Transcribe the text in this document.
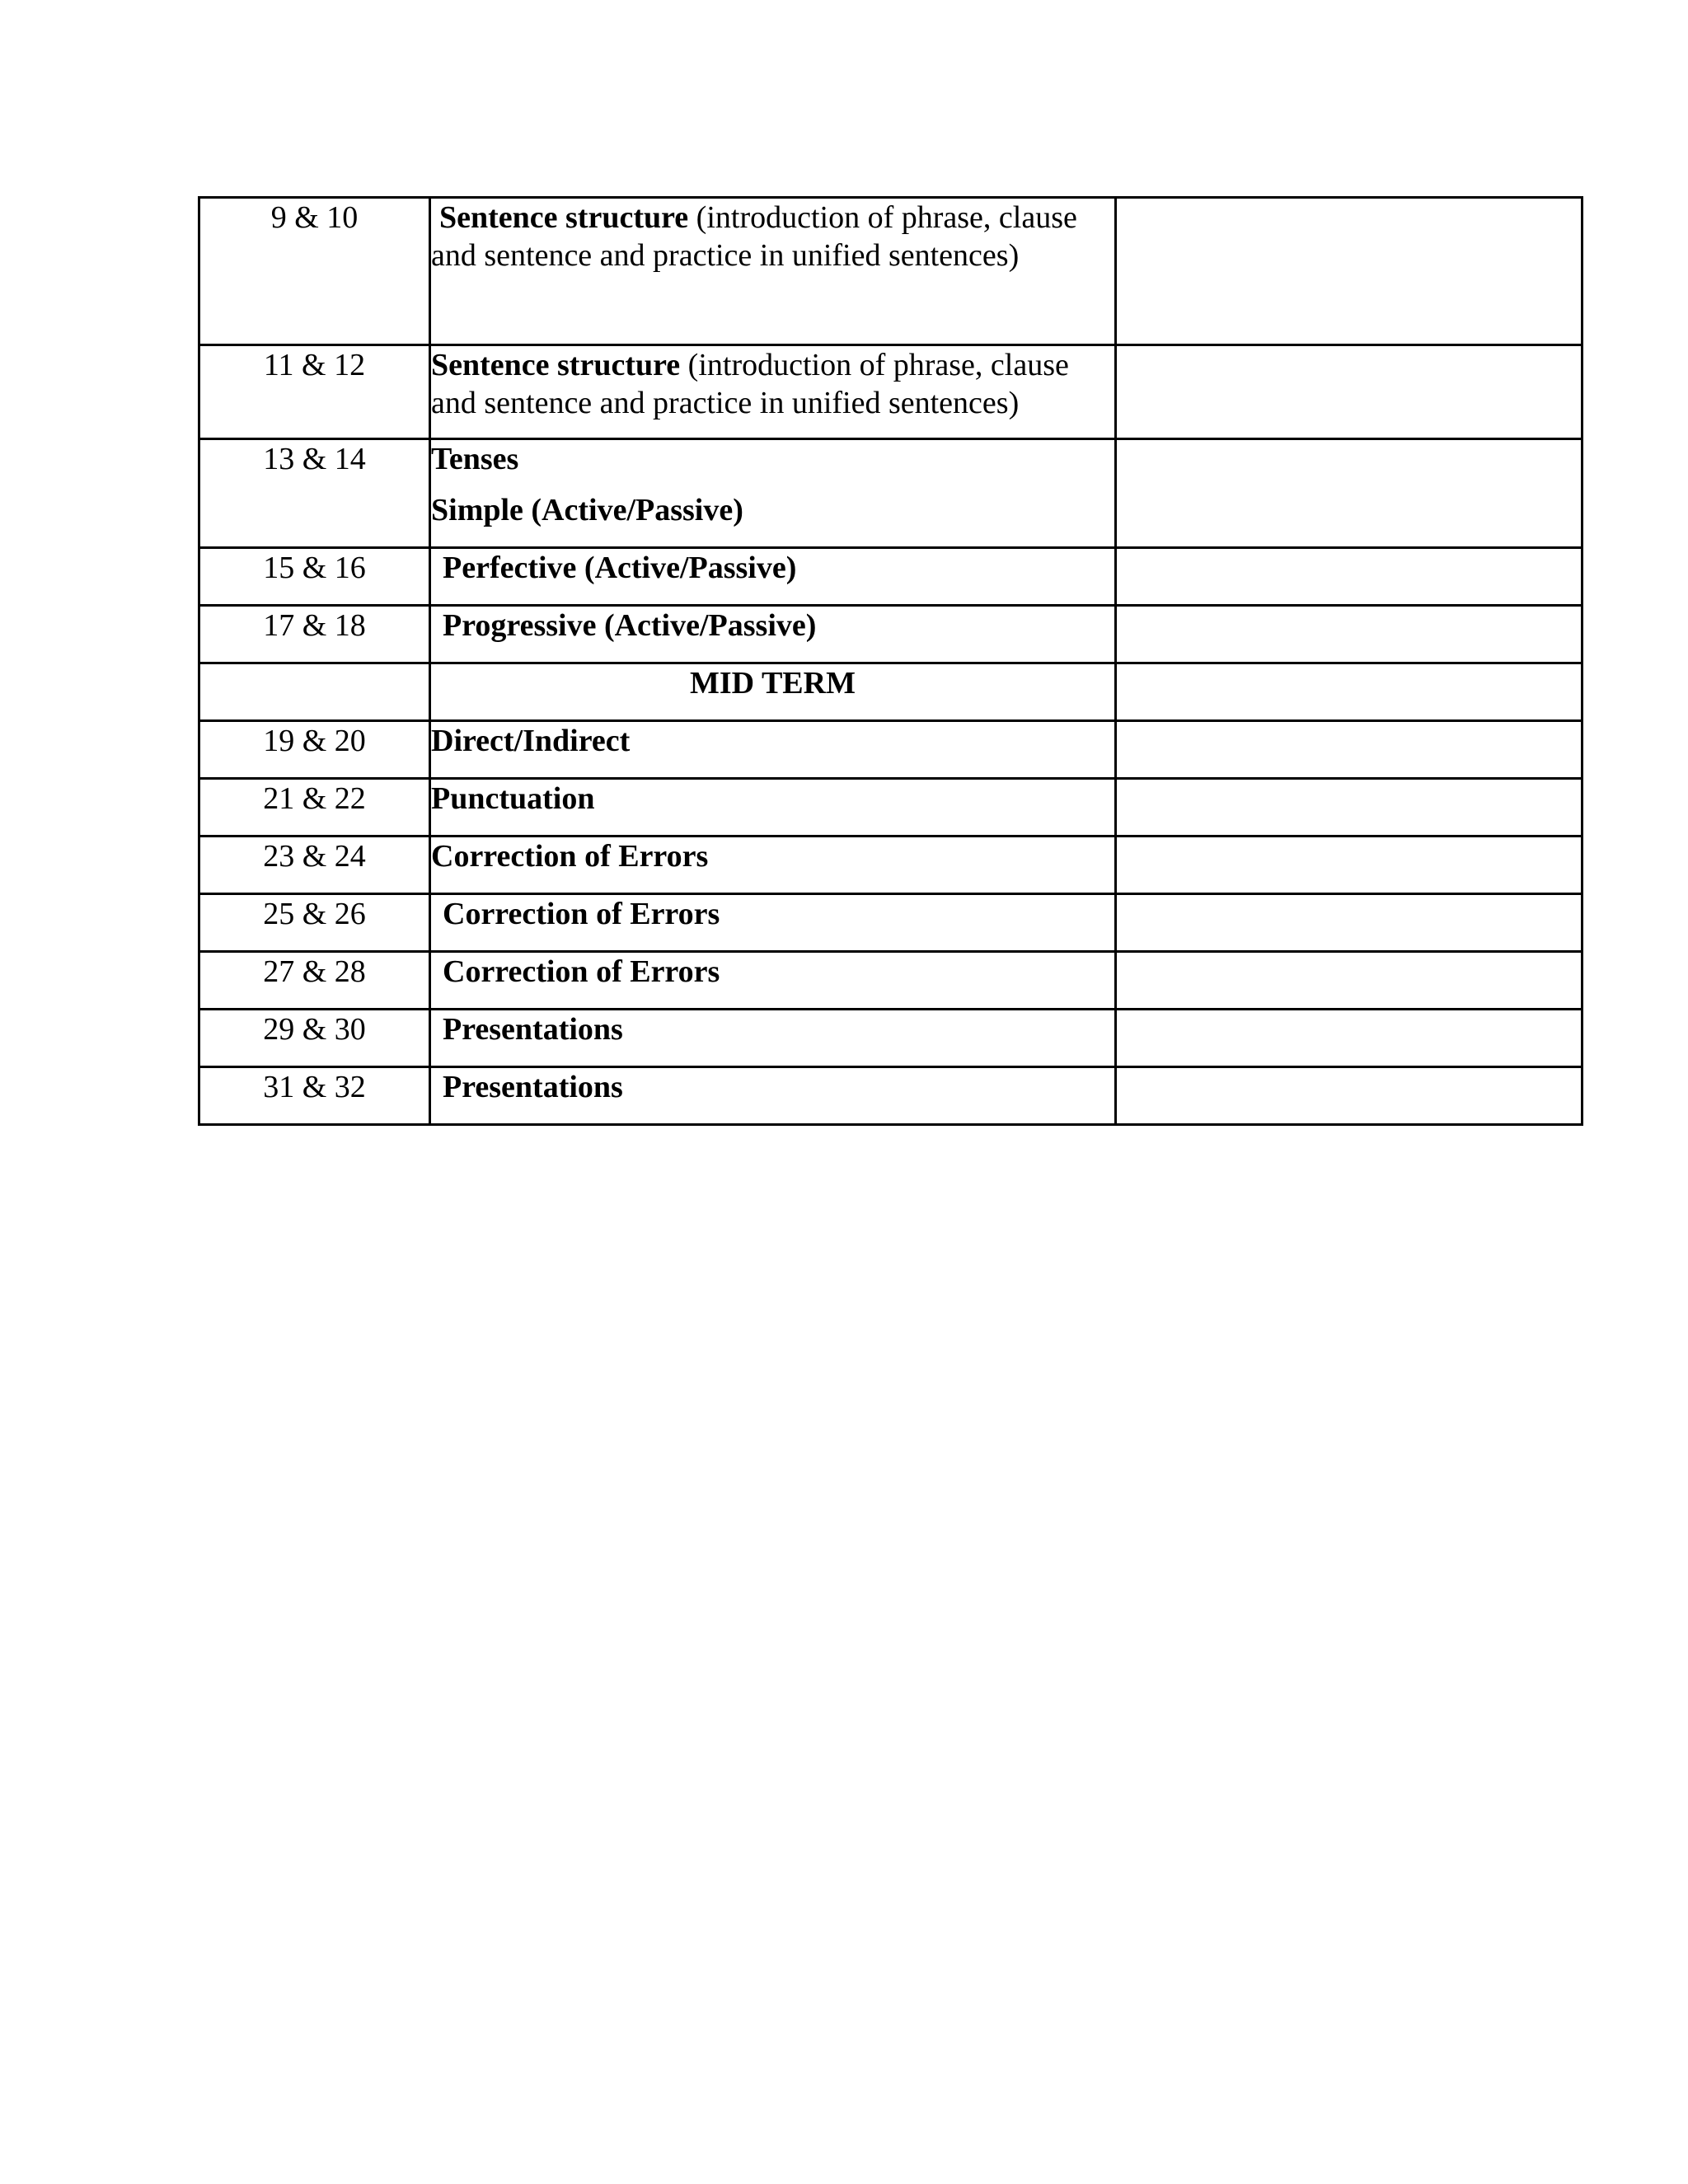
9 & 10	Sentence structure (introduction of phrase, clause and sentence and practice in unified sentences)	
11 & 12	Sentence structure (introduction of phrase, clause and sentence and practice in unified sentences)	
13 & 14	Tenses
Simple (Active/Passive)	

15 & 16	Perfective (Active/Passive)	
17 & 18	Progressive (Active/Passive)	
	MID TERM	
19 & 20	Direct/Indirect	
21 & 22	Punctuation	
23 & 24	Correction of Errors	
25 & 26	Correction of Errors	
27 & 28	Correction of Errors	
29 & 30	Presentations	
31 & 32	Presentations	
